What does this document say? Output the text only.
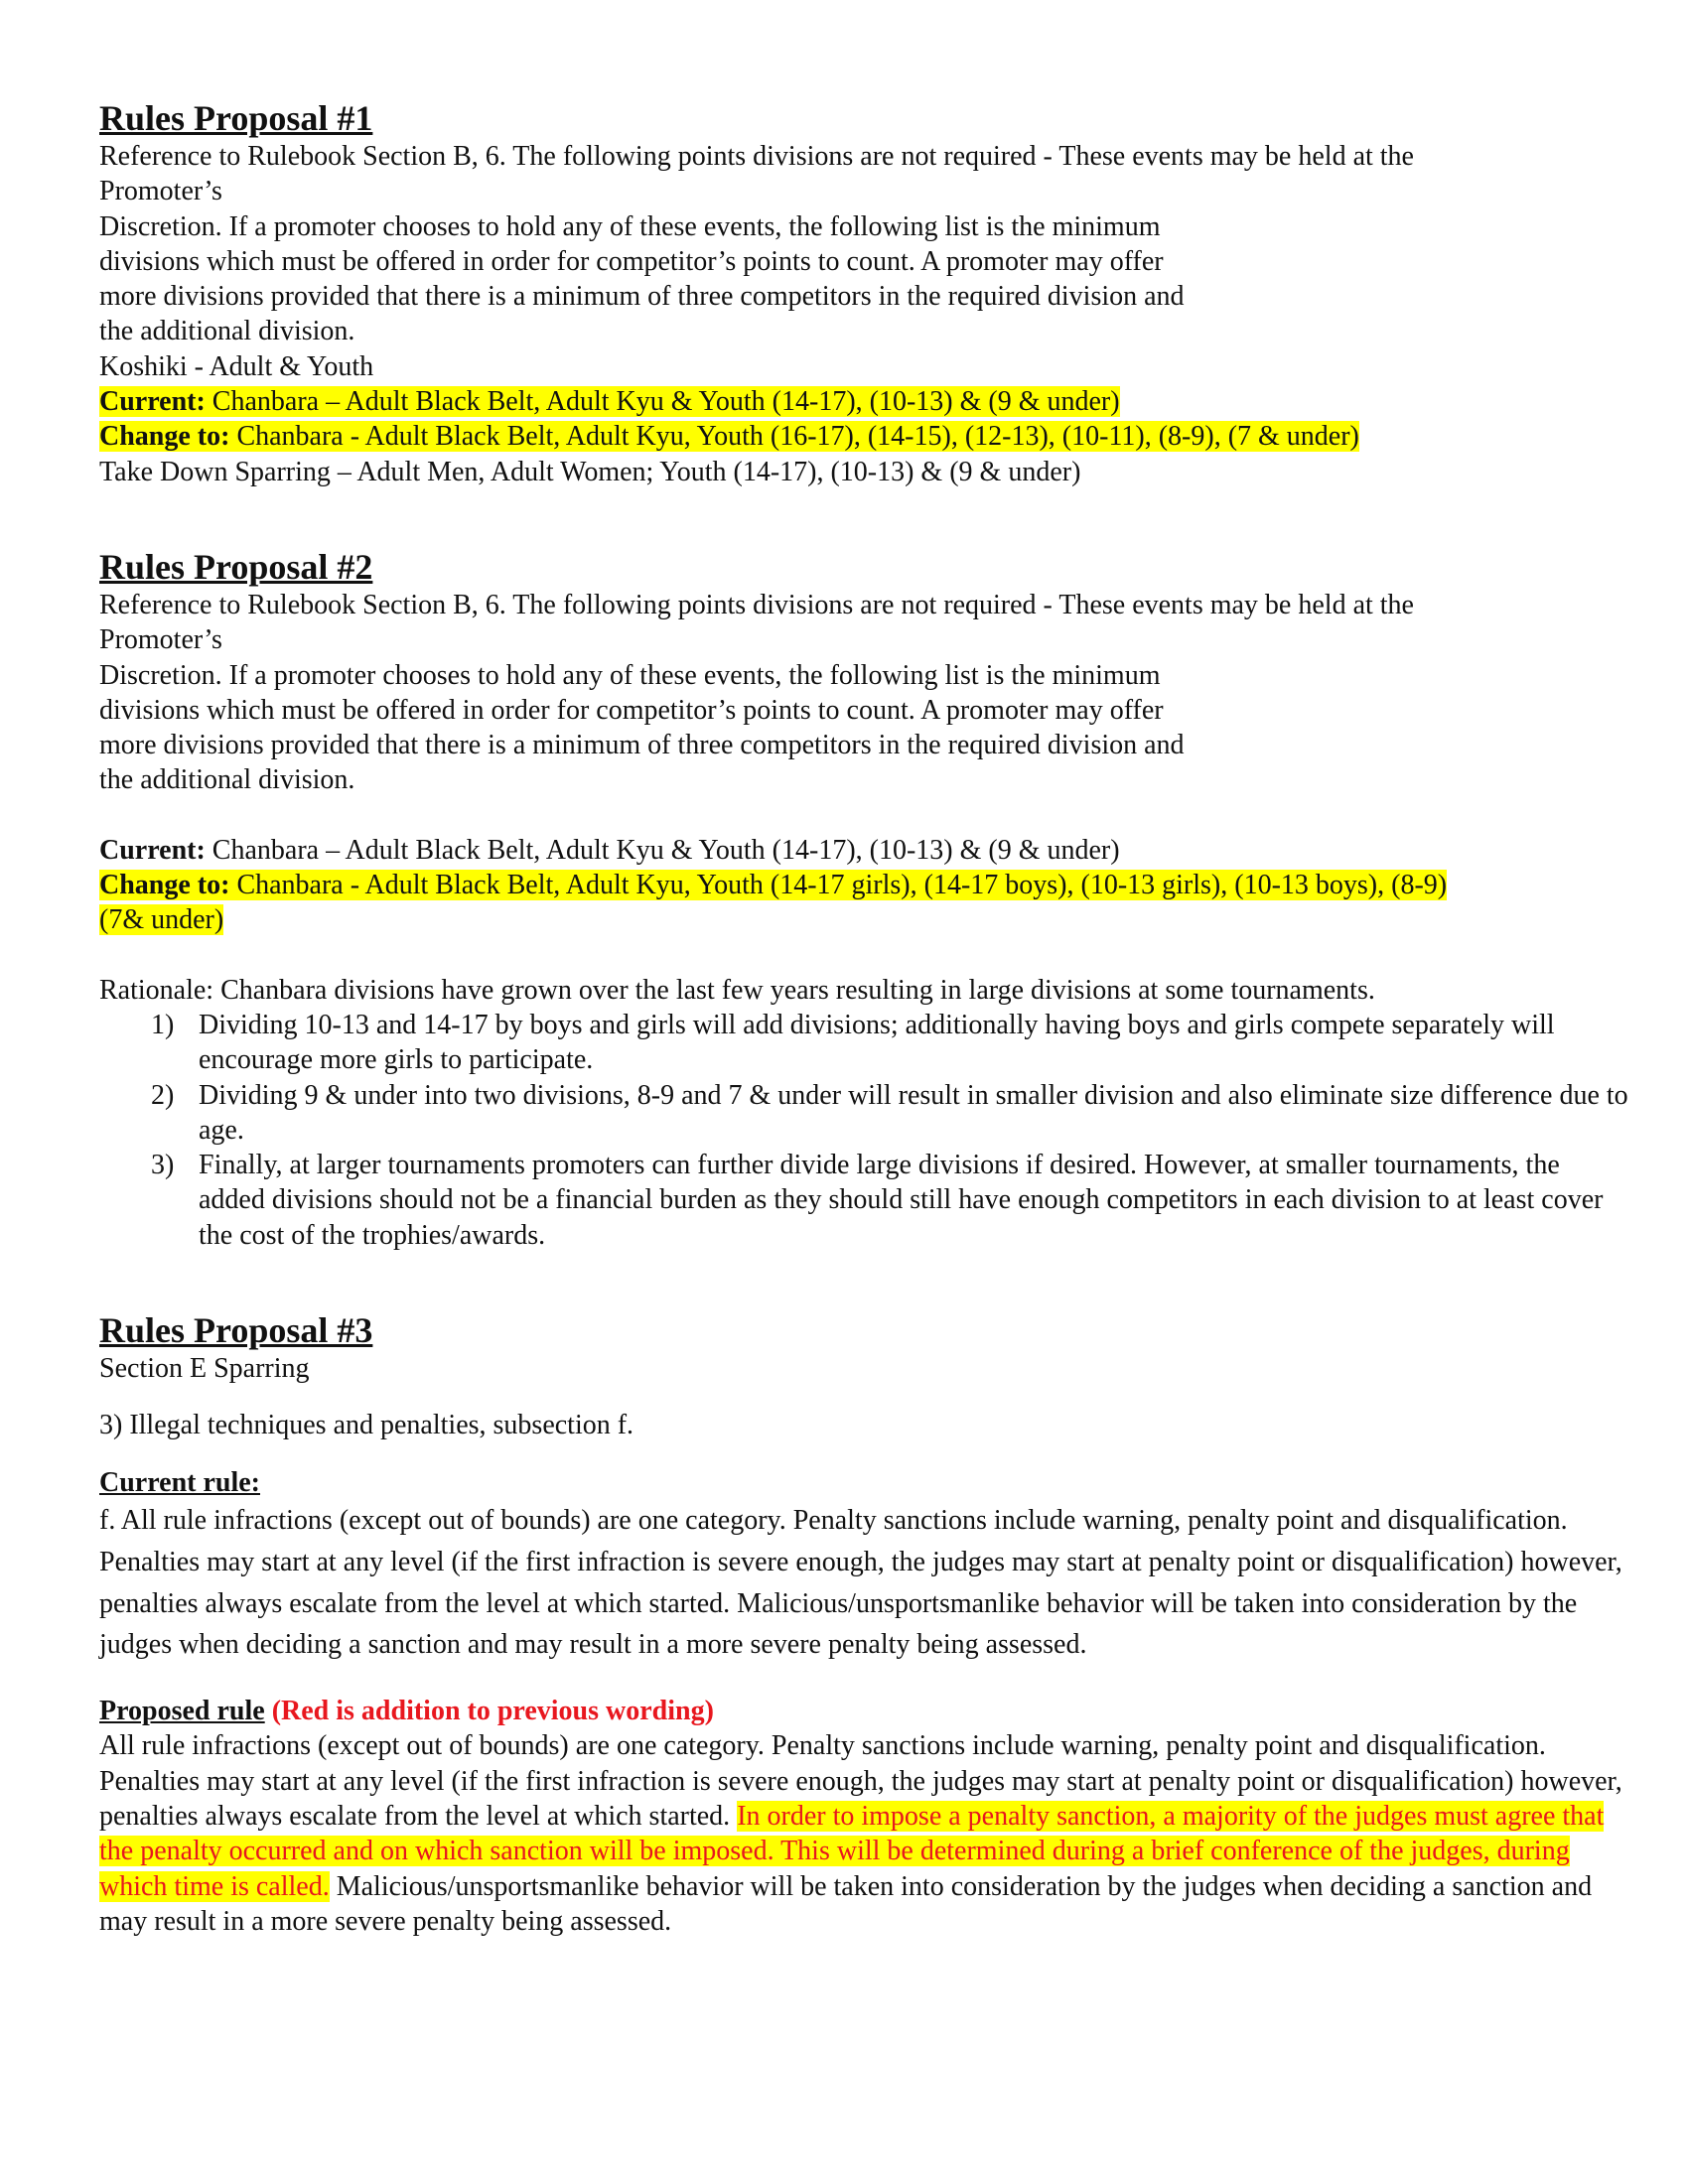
Rules Proposal #1
Reference to Rulebook Section B, 6. The following points divisions are not required - These events may be held at the
Promoter’s
Discretion. If a promoter chooses to hold any of these events, the following list is the minimum
divisions which must be offered in order for competitor’s points to count. A promoter may offer
more divisions provided that there is a minimum of three competitors in the required division and
the additional division.
Koshiki - Adult & Youth
Current: Chanbara – Adult Black Belt, Adult Kyu & Youth (14-17), (10-13) & (9 & under)
Change to: Chanbara - Adult Black Belt, Adult Kyu, Youth (16-17), (14-15), (12-13), (10-11), (8-9), (7 & under)
Take Down Sparring – Adult Men, Adult Women; Youth (14-17), (10-13) & (9 & under)
Rules Proposal #2
Reference to Rulebook Section B, 6. The following points divisions are not required - These events may be held at the
Promoter’s
Discretion. If a promoter chooses to hold any of these events, the following list is the minimum
divisions which must be offered in order for competitor’s points to count. A promoter may offer
more divisions provided that there is a minimum of three competitors in the required division and
the additional division.
Current: Chanbara – Adult Black Belt, Adult Kyu & Youth (14-17), (10-13) & (9 & under)
Change to: Chanbara - Adult Black Belt, Adult Kyu, Youth (14-17 girls), (14-17 boys), (10-13 girls), (10-13 boys), (8-9)
(7& under)
Rationale: Chanbara divisions have grown over the last few years resulting in large divisions at some tournaments.
1) Dividing 10-13 and 14-17 by boys and girls will add divisions; additionally having boys and girls compete separately will encourage more girls to participate.
2) Dividing 9 & under into two divisions, 8-9 and 7 & under will result in smaller division and also eliminate size difference due to age.
3) Finally, at larger tournaments promoters can further divide large divisions if desired. However, at smaller tournaments, the added divisions should not be a financial burden as they should still have enough competitors in each division to at least cover the cost of the trophies/awards.
Rules Proposal #3
Section E Sparring
3) Illegal techniques and penalties, subsection f.
Current rule:
f. All rule infractions (except out of bounds) are one category. Penalty sanctions include warning, penalty point and disqualification. Penalties may start at any level (if the first infraction is severe enough, the judges may start at penalty point or disqualification) however, penalties always escalate from the level at which started. Malicious/unsportsmanlike behavior will be taken into consideration by the judges when deciding a sanction and may result in a more severe penalty being assessed.
Proposed rule (Red is addition to previous wording)
All rule infractions (except out of bounds) are one category. Penalty sanctions include warning, penalty point and disqualification. Penalties may start at any level (if the first infraction is severe enough, the judges may start at penalty point or disqualification) however, penalties always escalate from the level at which started. In order to impose a penalty sanction, a majority of the judges must agree that the penalty occurred and on which sanction will be imposed. This will be determined during a brief conference of the judges, during which time is called. Malicious/unsportsmanlike behavior will be taken into consideration by the judges when deciding a sanction and may result in a more severe penalty being assessed.
